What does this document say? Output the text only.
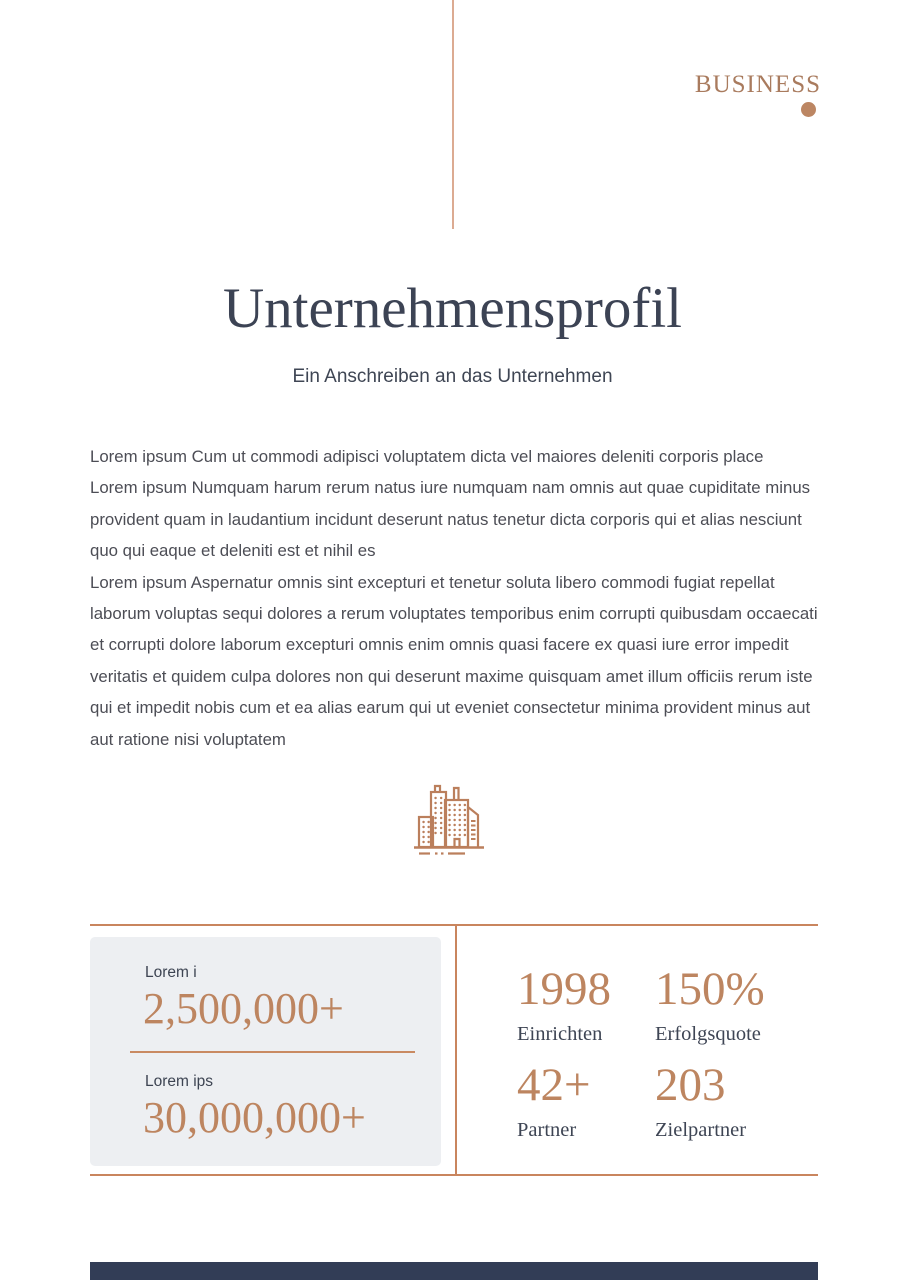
BUSINESS
Unternehmensprofil
Ein Anschreiben an das Unternehmen
Lorem ipsum Cum ut commodi adipisci voluptatem dicta vel maiores deleniti corporis place
Lorem ipsum Numquam harum rerum natus iure numquam nam omnis aut quae cupiditate minus
provident quam in laudantium incidunt deserunt natus tenetur dicta corporis qui et alias nesciunt
quo qui eaque et deleniti est et nihil es
Lorem ipsum Aspernatur omnis sint excepturi et tenetur soluta libero commodi fugiat repellat
laborum voluptas sequi dolores a rerum voluptates temporibus enim corrupti quibusdam occaecati
et corrupti dolore laborum excepturi omnis enim omnis quasi facere ex quasi iure error impedit
veritatis et quidem culpa dolores non qui deserunt maxime quisquam amet illum officiis rerum iste
qui et impedit nobis cum et ea alias earum qui ut eveniet consectetur minima provident minus aut
aut ratione nisi voluptatem
Lorem i
2,500,000+
Lorem ips
30,000,000+
1998
Einrichten
150%
Erfolgsquote
42+
Partner
203
Zielpartner
